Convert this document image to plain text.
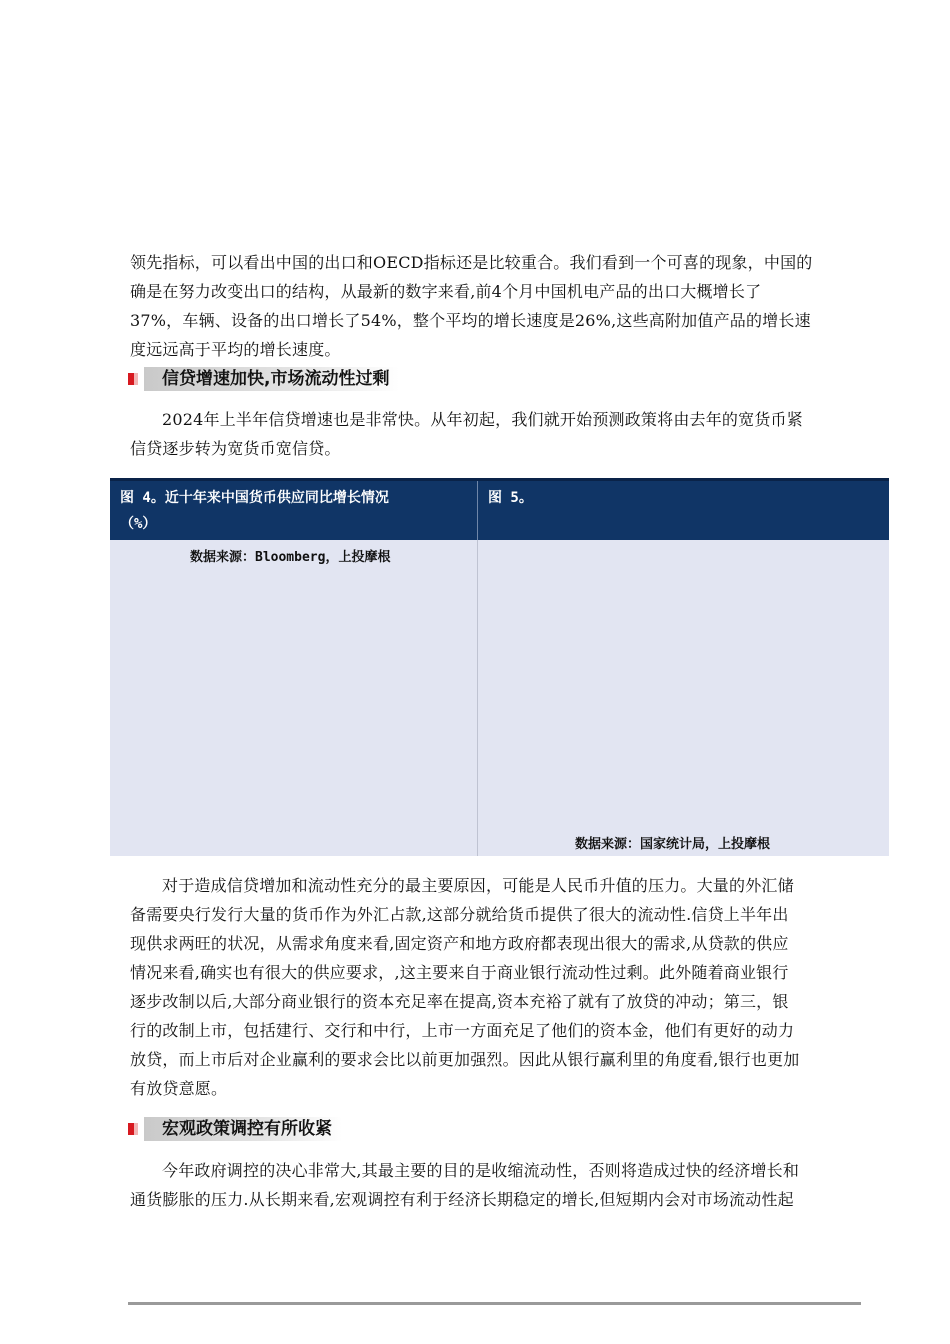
领先指标，可以看出中国的出口和OECD指标还是比较重合。我们看到一个可喜的现象，中国的
确是在努力改变出口的结构，从最新的数字来看,前4个月中国机电产品的出口大概增长了
37%，车辆、设备的出口增长了54%，整个平均的增长速度是26%,这些高附加值产品的增长速
度远远高于平均的增长速度。

信贷增速加快,市场流动性过剩

2024年上半年信贷增速也是非常快。从年初起，我们就开始预测政策将由去年的宽货币紧
信贷逐步转为宽货币宽信贷。

图 4。近十年来中国货币供应同比增长情况
（%）
图 5。
数据来源：Bloomberg，上投摩根
数据来源：国家统计局，上投摩根

对于造成信贷增加和流动性充分的最主要原因，可能是人民币升值的压力。大量的外汇储
备需要央行发行大量的货币作为外汇占款,这部分就给货币提供了很大的流动性.信贷上半年出
现供求两旺的状况，从需求角度来看,固定资产和地方政府都表现出很大的需求,从贷款的供应
情况来看,确实也有很大的供应要求，,这主要来自于商业银行流动性过剩。此外随着商业银行
逐步改制以后,大部分商业银行的资本充足率在提高,资本充裕了就有了放贷的冲动；第三，银
行的改制上市，包括建行、交行和中行，上市一方面充足了他们的资本金，他们有更好的动力
放贷，而上市后对企业赢利的要求会比以前更加强烈。因此从银行赢利里的角度看,银行也更加
有放贷意愿。

宏观政策调控有所收紧

今年政府调控的决心非常大,其最主要的目的是收缩流动性，否则将造成过快的经济增长和
通货膨胀的压力.从长期来看,宏观调控有利于经济长期稳定的增长,但短期内会对市场流动性起
